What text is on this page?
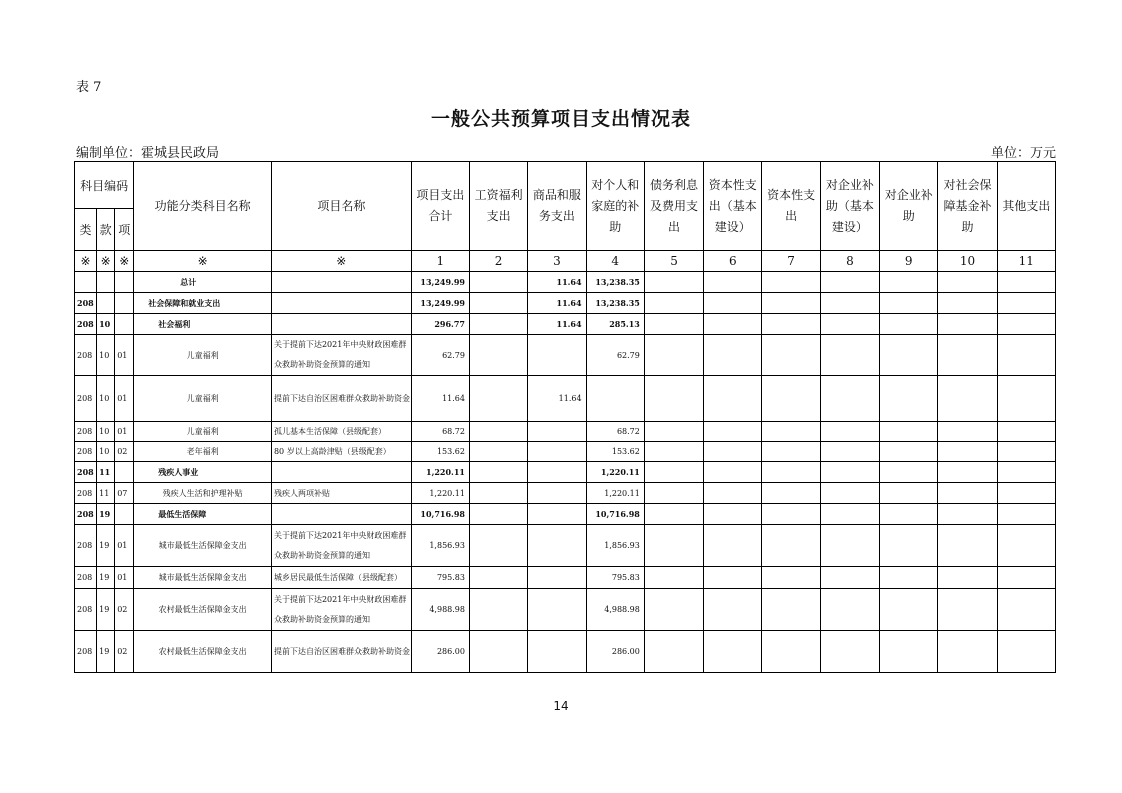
表 7
一般公共预算项目支出情况表
编制单位：霍城县民政局	单位：万元
科目编码			功能分类科目名称	项目名称	项目支出合计	工资福利支出	商品和服务支出	对个人和家庭的补助	债务利息及费用支出	资本性支出（基本建设）	资本性支出	对企业补助（基本建设）	对企业补助	对社会保障基金补助	其他支出
类	款	项													
※	※	※	※	※	1	2	3	4	5	6	7	8	9	10	11
			总计		13,249.99		11.64	13,238.35							
208			社会保障和就业支出		13,249.99		11.64	13,238.35							
208	10		社会福利		296.77		11.64	285.13							
208	10	01	儿童福利	关于提前下达2021年中央财政困难群众救助补助资金预算的通知	62.79			62.79							
208	10	01	儿童福利	提前下达自治区困难群众救助补助资金	11.64		11.64								
208	10	01	儿童福利	孤儿基本生活保障（县级配套）	68.72			68.72							
208	10	02	老年福利	80 岁以上高龄津贴（县级配套）	153.62			153.62							
208	11		残疾人事业		1,220.11			1,220.11							
208	11	07	残疾人生活和护理补贴	残疾人两项补贴	1,220.11			1,220.11							
208	19		最低生活保障		10,716.98			10,716.98							
208	19	01	城市最低生活保障金支出	关于提前下达2021年中央财政困难群众救助补助资金预算的通知	1,856.93			1,856.93							
208	19	01	城市最低生活保障金支出	城乡居民最低生活保障（县级配套）	795.83			795.83							
208	19	02	农村最低生活保障金支出	关于提前下达2021年中央财政困难群众救助补助资金预算的通知	4,988.98			4,988.98							
208	19	02	农村最低生活保障金支出	提前下达自治区困难群众救助补助资金	286.00			286.00							
14
